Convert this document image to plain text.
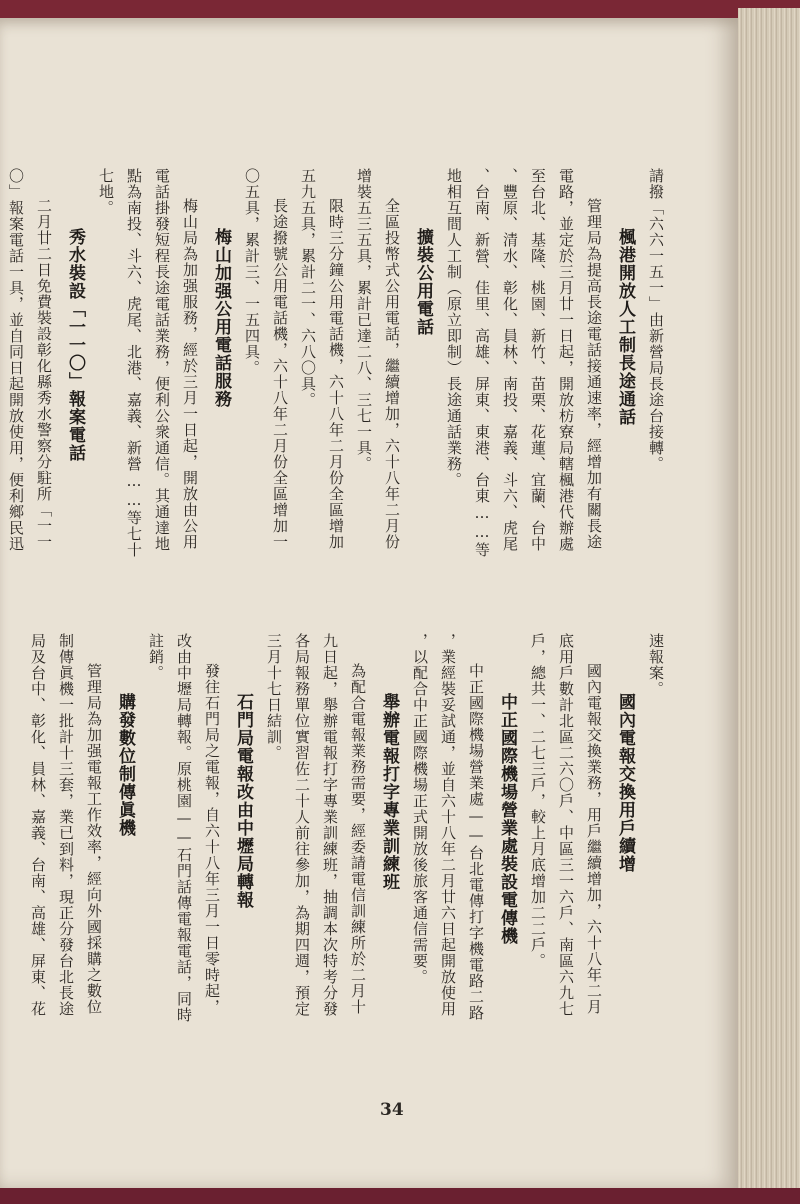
請撥「六六一五一」由新營局長途台接轉。

楓港開放人工制長途通話

管理局為提高長途電話接通速率，經增加有關長途

電路，並定於三月廿一日起，開放枋寮局轄楓港代辦處

至台北、基隆、桃園、新竹、苗栗、花蓮、宜蘭、台中

、豐原、清水、彰化、員林、南投、嘉義、斗六、虎尾

、台南、新營、佳里、高雄、屏東、東港、台東……等

地相互間人工制（原立即制）長途通話業務。

擴裝公用電話

全區投幣式公用電話，繼續增加，六十八年二月份

增裝五三五具，累計已達二八、三七一具。

限時三分鐘公用電話機，六十八年二月份全區增加

五九五具，累計二一、六八〇具。

長途撥號公用電話機，六十八年二月份全區增加一

〇五具，累計三、一五四具。

梅山加强公用電話服務

梅山局為加强服務，經於三月一日起，開放由公用

電話掛發短程長途電話業務，便利公衆通信。其通達地

點為南投、斗六、虎尾、北港、嘉義、新營……等七十

七地。

秀水裝設「一一〇」報案電話

二月廿二日免費裝設彰化縣秀水警察分駐所「一一

〇」報案電話一具，並自同日起開放使用，便利鄉民迅

速報案。

國內電報交換用戶續增

國內電報交換業務，用戶繼續增加，六十八年二月

底用戶數計北區二六〇戶、中區三一六戶、南區六九七

戶，總共一、二七三戶，較上月底增加二二戶。

中正國際機場營業處裝設電傳機

中正國際機場營業處——台北電傳打字機電路二路

，業經裝妥試通，並自六十八年二月廿六日起開放使用

，以配合中正國際機場正式開放後旅客通信需要。

舉辦電報打字專業訓練班

為配合電報業務需要，經委請電信訓練所於二月十

九日起，舉辦電報打字專業訓練班，抽調本次特考分發

各局報務單位實習佐二十人前往參加，為期四週，預定

三月十七日結訓。

石門局電報改由中壢局轉報

發往石門局之電報，自六十八年三月一日零時起，

改由中壢局轉報。原桃園——石門話傳電報電話，同時

註銷。

購發數位制傳眞機

管理局為加强電報工作效率，經向外國採購之數位

制傳眞機一批計十三套，業已到料，現正分發台北長途

局及台中、彰化、員林、嘉義、台南、高雄、屏東、花

34
